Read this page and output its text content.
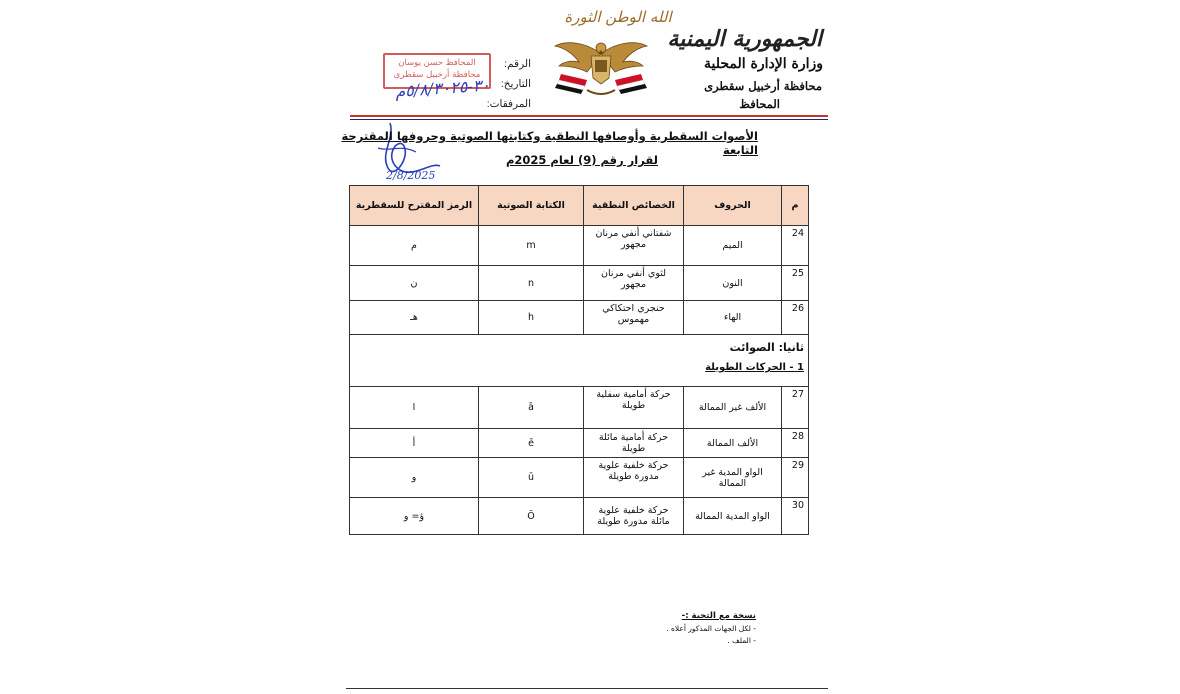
الله الوطن الثورة
الجمهورية اليمنية
وزارة الإدارة المحلية
محافظة أرخبيل سقطرى
المحافظ
الرقم:
التاريخ:
المرفقات:
المحافظ حسن يوسان
محافظة أرخبيل سقطرى
٣٠-٥/٨/٣٠٢٥م
2/8/2025
الأصوات السقطرية وأوصافها النطقية وكتابتها الصوتية وحروفها المقترحة التابعة
لقرار رقم (9) لعام 2025م
م	الحروف	الخصائص النطقية	الكتابة الصوتية	الرمز المقترح للسقطرية
24	الميم	شفتاني أنفي مرنان مجهور	m	م
25	النون	لثوي أنفي مرنان مجهور	n	ن
26	الهاء	حنجري احتكاكي مهموس	h	هـ

ثانيا: الصوائت
1 - الحركات الطويلة				

27	الألف غير الممالة	حركة أمامية سفلية طويلة	ā	ا
28	الألف الممالة	حركة أمامية مائلة طويلة	ē	أ
29	الواو المدية غير الممالة	حركة خلفية علوية مدورة طويلة	ū	و
30	الواو المدية الممالة	حركة خلفية علوية مائلة مدورة طويلة	Ō	ؤ= و
نسخة مع التحية :-
- لكل الجهات المذكور أعلاه .
- الملف .
